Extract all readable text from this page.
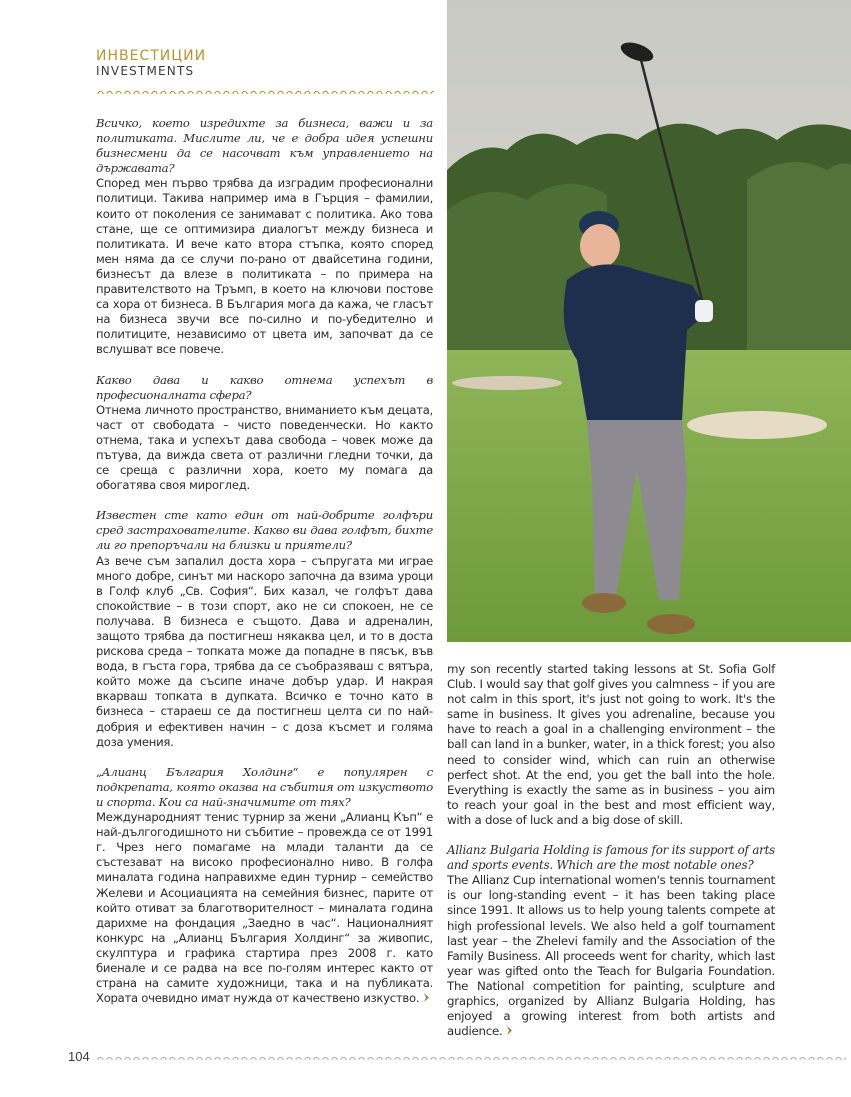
ИНВЕСТИЦИИ
INVESTMENTS

Всичко, което изредихте за бизнеса, важи и за политиката. Мислите ли, че е добра идея успешни бизнесмени да се насочват към управлението на държавата?

Според мен първо трябва да изградим професионални политици. Такива например има в Гърция – фамилии, които от поколения се занимават с политика. Ако това стане, ще се оптимизира диалогът между бизнеса и политиката. И вече като втора стъпка, която според мен няма да се случи по-рано от двайсетина години, бизнесът да влезе в политиката – по примера на правителството на Тръмп, в което на ключови постове са хора от бизнеса. В България мога да кажа, че гласът на бизнеса звучи все по-силно и по-убедително и политиците, независимо от цвета им, започват да се вслушват все повече.

Какво дава и какво отнема успехът в професионалната сфера?

Отнема личното пространство, вниманието към децата, част от свободата – чисто поведенчески. Но както отнема, така и успехът дава свобода – човек може да пътува, да вижда света от различни гледни точки, да се среща с различни хора, което му помага да обогатява своя мироглед.

Известен сте като един от най-добрите голфъри сред застрахователите. Какво ви дава голфът, бихте ли го препоръчали на близки и приятели?

Аз вече съм запалил доста хора – съпругата ми играе много добре, синът ми наскоро започна да взима уроци в Голф клуб „Св. София“. Бих казал, че голфът дава спокойствие – в този спорт, ако не си спокоен, не се получава. В бизнеса е същото. Дава и адреналин, защото трябва да постигнеш някаква цел, и то в доста рискова среда – топката може да попадне в пясък, във вода, в гъста гора, трябва да се съобразяваш с вятъра, който може да съсипе иначе добър удар. И накрая вкарваш топката в дупката. Всичко е точно като в бизнеса – стараеш се да постигнеш целта си по най-добрия и ефективен начин – с доза късмет и голяма доза умения.

„Алианц България Холдинг“ е популярен с подкрепата, която оказва на събития от изкуството и спорта. Кои са най-значимите от тях?

Международният тенис турнир за жени „Алианц Къп“ е най-дългогодишното ни събитие – провежда се от 1991 г. Чрез него помагаме на млади таланти да се състезават на високо професионално ниво. В голфа миналата година направихме един турнир – семейство Желеви и Асоциацията на семейния бизнес, парите от който отиват за благотворителност – миналата година дарихме на фондация „Заедно в час“. Националният конкурс на „Алианц България Холдинг“ за живопис, скулптура и графика стартира през 2008 г. като биенале и се радва на все по-голям интерес както от страна на самите художници, така и на публиката. Хората очевидно имат нужда от качествено изкуство.

my son recently started taking lessons at St. Sofia Golf Club. I would say that golf gives you calmness – if you are not calm in this sport, it's just not going to work. It's the same in business. It gives you adrenaline, because you have to reach a goal in a challenging environment – the ball can land in a bunker, water, in a thick forest; you also need to consider wind, which can ruin an otherwise perfect shot. At the end, you get the ball into the hole. Everything is exactly the same as in business – you aim to reach your goal in the best and most efficient way, with a dose of luck and a big dose of skill.

Allianz Bulgaria Holding is famous for its support of arts and sports events. Which are the most notable ones?

The Allianz Cup international women's tennis tournament is our long-standing event – it has been taking place since 1991. It allows us to help young talents compete at high professional levels. We also held a golf tournament last year – the Zhelevi family and the Association of the Family Business. All proceeds went for charity, which last year was gifted onto the Teach for Bulgaria Foundation. The National competition for painting, sculpture and graphics, organized by Allianz Bulgaria Holding, has enjoyed a growing interest from both artists and audience.

104
